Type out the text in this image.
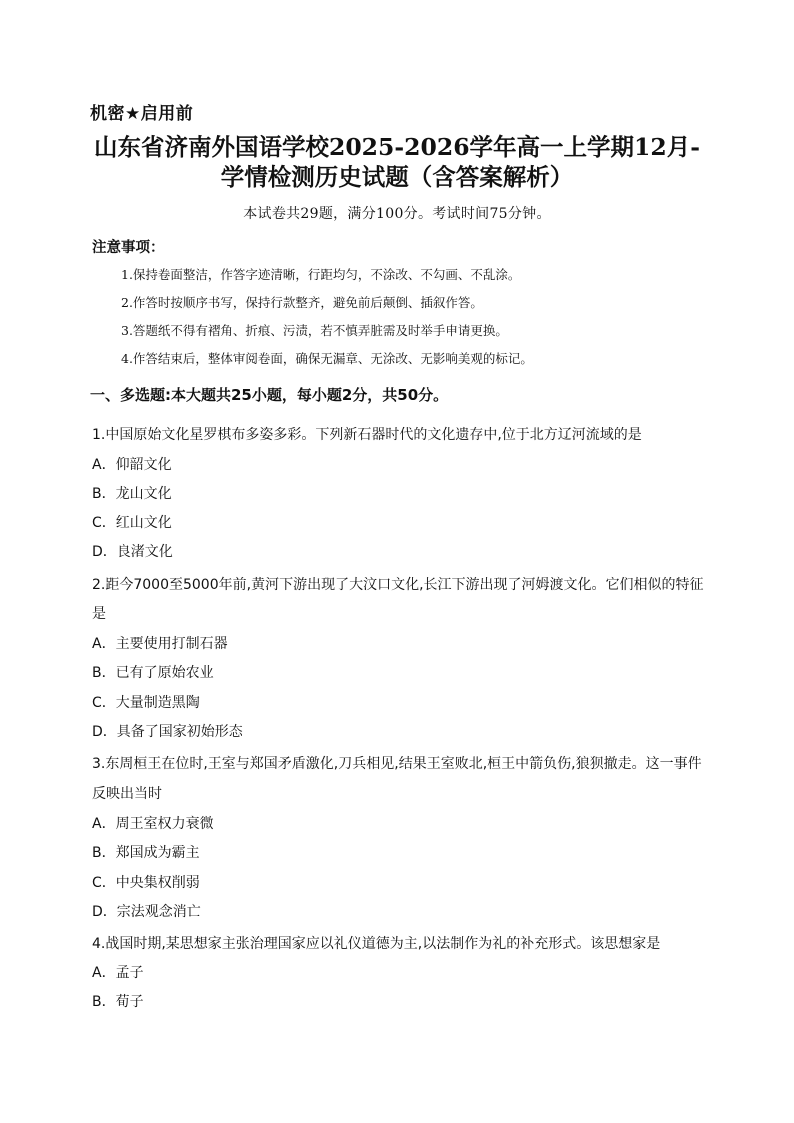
机密★启用前
山东省济南外国语学校2025-2026学年高一上学期12月-
学情检测历史试题（含答案解析）
本试卷共29题，满分100分。考试时间75分钟。
注意事项：
1.保持卷面整洁，作答字迹清晰，行距均匀，不涂改、不勾画、不乱涂。
2.作答时按顺序书写，保持行款整齐，避免前后颠倒、插叙作答。
3.答题纸不得有褶角、折痕、污渍，若不慎弄脏需及时举手申请更换。
4.作答结束后，整体审阅卷面，确保无漏章、无涂改、无影响美观的标记。
一、多选题:本大题共25小题，每小题2分，共50分。
1.中国原始文化星罗棋布多姿多彩。下列新石器时代的文化遗存中,位于北方辽河流域的是
A．仰韶文化
B．龙山文化
C．红山文化
D．良渚文化
2.距今7000至5000年前,黄河下游出现了大汶口文化,长江下游出现了河姆渡文化。它们相似的特征
是
A．主要使用打制石器
B．已有了原始农业
C．大量制造黑陶
D．具备了国家初始形态
3.东周桓王在位时,王室与郑国矛盾激化,刀兵相见,结果王室败北,桓王中箭负伤,狼狈撤走。这一事件
反映出当时
A．周王室权力衰微
B．郑国成为霸主
C．中央集权削弱
D．宗法观念消亡
4.战国时期,某思想家主张治理国家应以礼仪道德为主,以法制作为礼的补充形式。该思想家是
A．孟子
B．荀子
